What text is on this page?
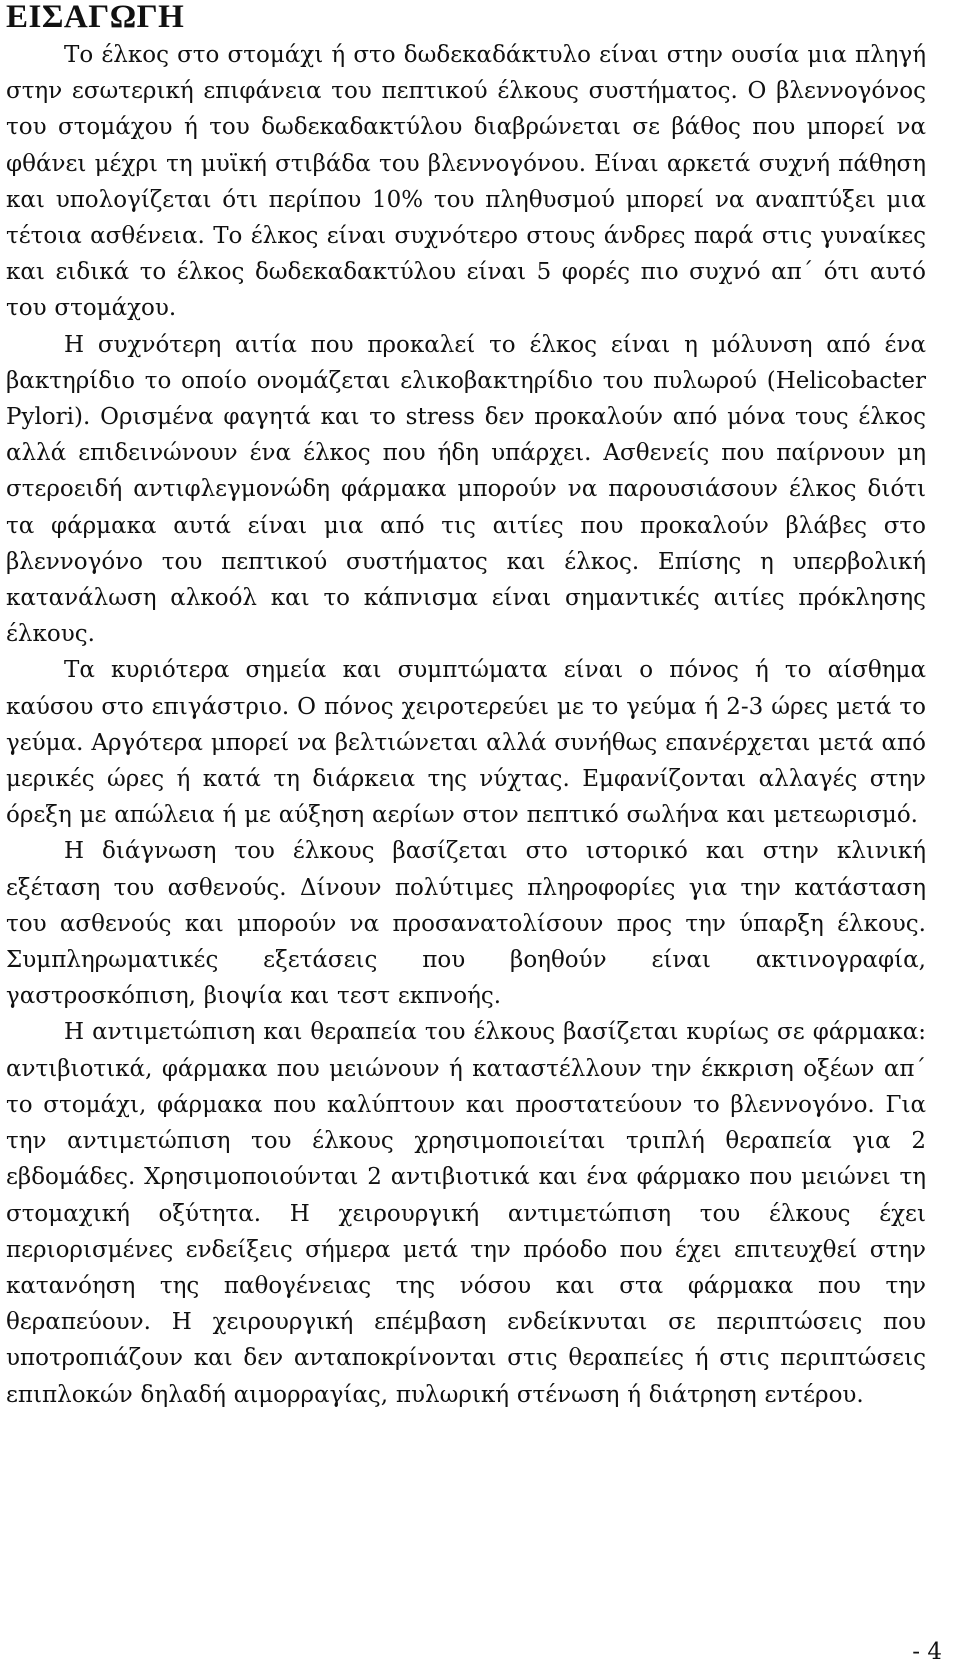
ΕΙΣΑΓΩΓΗ

Το έλκος στο στομάχι ή στο δωδεκαδάκτυλο είναι στην ουσία μια πληγή στην εσωτερική επιφάνεια του πεπτικού έλκους συστήματος. Ο βλεννογόνος του στομάχου ή του δωδεκαδακτύλου διαβρώνεται σε βάθος που μπορεί να φθάνει μέχρι τη μυϊκή στιβάδα του βλεννογόνου. Είναι αρκετά συχνή πάθηση και υπολογίζεται ότι περίπου 10% του πληθυσμού μπορεί να αναπτύξει μια τέτοια ασθένεια. Το έλκος είναι συχνότερο στους άνδρες παρά στις γυναίκες και ειδικά το έλκος δωδεκαδακτύλου είναι 5 φορές πιο συχνό απ΄ ότι αυτό του στομάχου.

Η συχνότερη αιτία που προκαλεί το έλκος είναι η μόλυνση από ένα βακτηρίδιο το οποίο ονομάζεται ελικοβακτηρίδιο του πυλωρού (Helicobacter Pylori). Ορισμένα φαγητά και το stress δεν προκαλούν από μόνα τους έλκος αλλά επιδεινώνουν ένα έλκος που ήδη υπάρχει. Ασθενείς που παίρνουν μη στεροειδή αντιφλεγμονώδη φάρμακα μπορούν να παρουσιάσουν έλκος διότι τα φάρμακα αυτά είναι μια από τις αιτίες που προκαλούν βλάβες στο βλεννογόνο του πεπτικού συστήματος και έλκος. Επίσης η υπερβολική κατανάλωση αλκοόλ και το κάπνισμα είναι σημαντικές αιτίες πρόκλησης έλκους.

Τα κυριότερα σημεία και συμπτώματα είναι ο πόνος ή το αίσθημα καύσου στο επιγάστριο. Ο πόνος χειροτερεύει με το γεύμα ή 2-3 ώρες μετά το γεύμα. Αργότερα μπορεί να βελτιώνεται αλλά συνήθως επανέρχεται μετά από μερικές ώρες ή κατά τη διάρκεια της νύχτας. Εμφανίζονται αλλαγές στην όρεξη με απώλεια ή με αύξηση αερίων στον πεπτικό σωλήνα και μετεωρισμό.

Η διάγνωση του έλκους βασίζεται στο ιστορικό και στην κλινική εξέταση του ασθενούς. Δίνουν πολύτιμες πληροφορίες για την κατάσταση του ασθενούς και μπορούν να προσανατολίσουν προς την ύπαρξη έλκους. Συμπληρωματικές εξετάσεις που βοηθούν είναι ακτινογραφία, γαστροσκόπιση, βιοψία και τεστ εκπνοής.

Η αντιμετώπιση και θεραπεία του έλκους βασίζεται κυρίως σε φάρμακα: αντιβιοτικά, φάρμακα που μειώνουν ή καταστέλλουν την έκκριση οξέων απ΄ το στομάχι, φάρμακα που καλύπτουν και προστατεύουν το βλεννογόνο. Για την αντιμετώπιση του έλκους χρησιμοποιείται τριπλή θεραπεία για 2 εβδομάδες. Χρησιμοποιούνται 2 αντιβιοτικά και ένα φάρμακο που μειώνει τη στομαχική οξύτητα. Η χειρουργική αντιμετώπιση του έλκους έχει περιορισμένες ενδείξεις σήμερα μετά την πρόοδο που έχει επιτευχθεί στην κατανόηση της παθογένειας της νόσου και στα φάρμακα που την θεραπεύουν. Η χειρουργική επέμβαση ενδείκνυται σε περιπτώσεις που υποτροπιάζουν και δεν ανταποκρίνονται στις θεραπείες ή στις περιπτώσεις επιπλοκών δηλαδή αιμορραγίας, πυλωρική στένωση ή διάτρηση εντέρου.

- 4
